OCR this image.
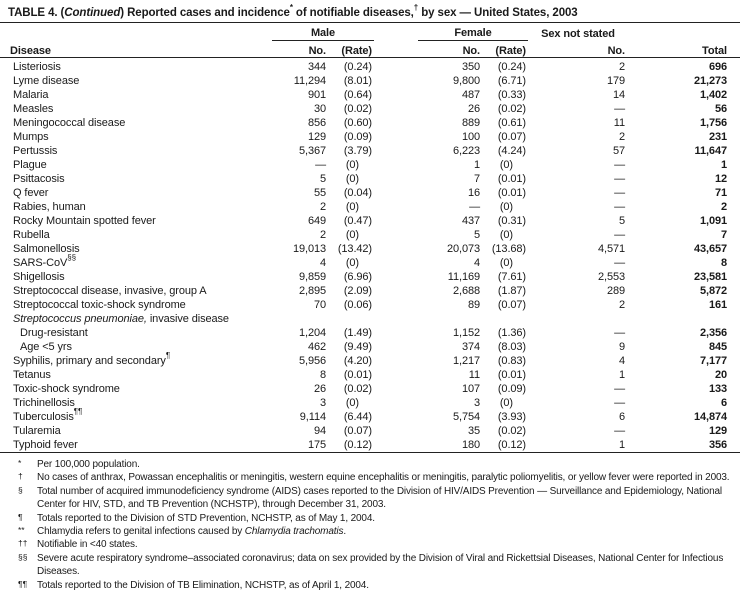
TABLE 4. (Continued) Reported cases and incidence* of notifiable diseases,† by sex — United States, 2003

	Male		Female		Sex not stated	

Disease	No.	(Rate)	No.	(Rate)	No.	Total
Listeriosis	344	(0.24)	350	(0.24)	2	696
Lyme disease	11,294	(8.01)	9,800	(6.71)	179	21,273
Malaria	901	(0.64)	487	(0.33)	14	1,402
Measles	30	(0.02)	26	(0.02)	—	56
Meningococcal disease	856	(0.60)	889	(0.61)	11	1,756
Mumps	129	(0.09)	100	(0.07)	2	231
Pertussis	5,367	(3.79)	6,223	(4.24)	57	11,647
Plague	—	(0)	1	(0)	—	1
Psittacosis	5	(0)	7	(0.01)	—	12
Q fever	55	(0.04)	16	(0.01)	—	71
Rabies, human	2	(0)	—	(0)	—	2
Rocky Mountain spotted fever	649	(0.47)	437	(0.31)	5	1,091
Rubella	2	(0)	5	(0)	—	7
Salmonellosis	19,013	(13.42)	20,073	(13.68)	4,571	43,657
SARS-CoV§§	4	(0)	4	(0)	—	8
Shigellosis	9,859	(6.96)	11,169	(7.61)	2,553	23,581
Streptococcal disease, invasive, group A	2,895	(2.09)	2,688	(1.87)	289	5,872
Streptococcal toxic-shock syndrome	70	(0.06)	89	(0.07)	2	161
Streptococcus pneumoniae, invasive disease						
Drug-resistant	1,204	(1.49)	1,152	(1.36)	—	2,356
Age <5 yrs	462	(9.49)	374	(8.03)	9	845
Syphilis, primary and secondary¶	5,956	(4.20)	1,217	(0.83)	4	7,177
Tetanus	8	(0.01)	11	(0.01)	1	20
Toxic-shock syndrome	26	(0.02)	107	(0.09)	—	133
Trichinellosis	3	(0)	3	(0)	—	6
Tuberculosis¶¶	9,114	(6.44)	5,754	(3.93)	6	14,874
Tularemia	94	(0.07)	35	(0.02)	—	129
Typhoid fever	175	(0.12)	180	(0.12)	1	356
*	Per 100,000 population.
†	No cases of anthrax, Powassan encephalitis or meningitis, western equine encephalitis or meningitis, paralytic poliomyelitis, or yellow fever were reported in 2003.
§	Total number of acquired immunodeficiency syndrome (AIDS) cases reported to the Division of HIV/AIDS Prevention — Surveillance and Epidemiology, National Center for HIV, STD, and TB Prevention (NCHSTP), through December 31, 2003.
¶	Totals reported to the Division of STD Prevention, NCHSTP, as of May 1, 2004.
**	Chlamydia refers to genital infections caused by Chlamydia trachomatis.
†† Notifiable in <40 states.
§§ Severe acute respiratory syndrome–associated coronavirus; data on sex provided by the Division of Viral and Rickettsial Diseases, National Center for Infectious Diseases.
¶¶ Totals reported to the Division of TB Elimination, NCHSTP, as of April 1, 2004.
